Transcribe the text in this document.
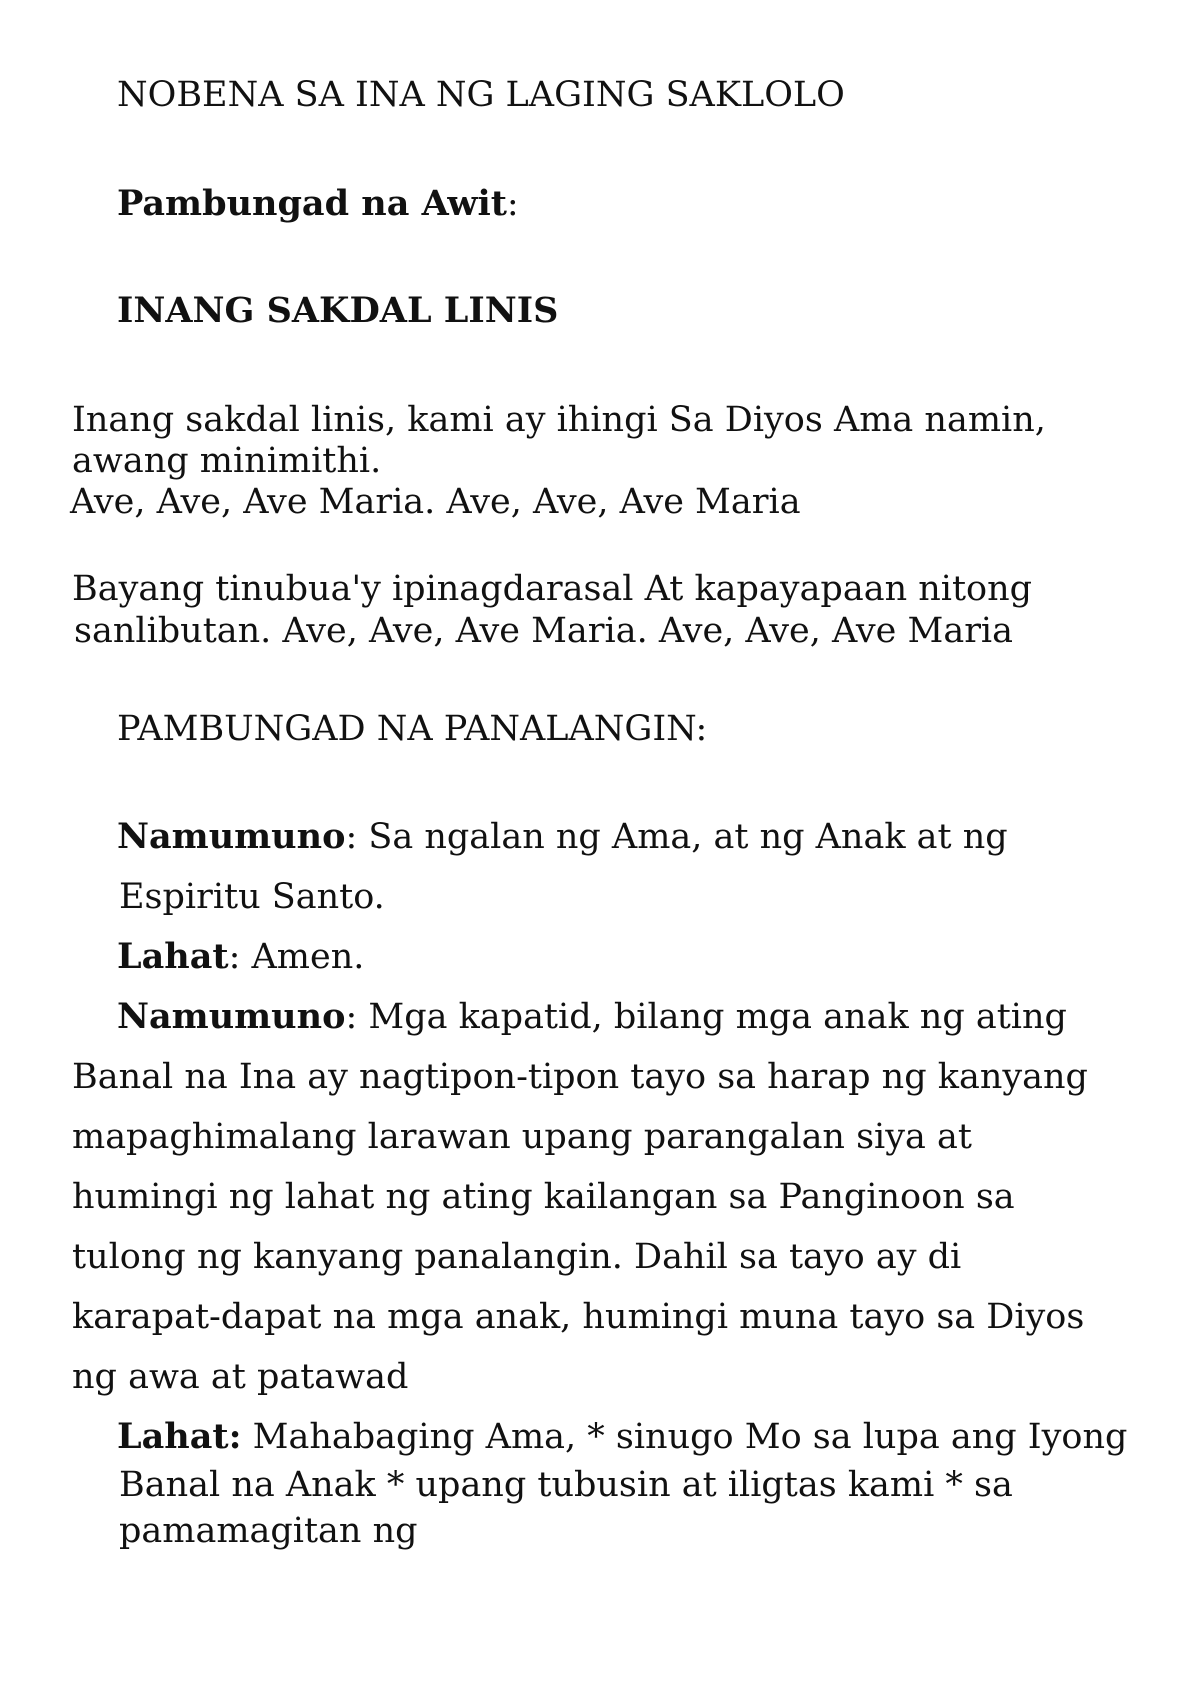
NOBENA SA INA NG LAGING SAKLOLO
Pambungad na Awit:
INANG SAKDAL LINIS
Inang sakdal linis, kami ay ihingi Sa Diyos Ama namin,
awang minimithi.
Ave, Ave, Ave Maria. Ave, Ave, Ave Maria
Bayang tinubua'y ipinagdarasal At kapayapaan nitong
sanlibutan. Ave, Ave, Ave Maria. Ave, Ave, Ave Maria
PAMBUNGAD NA PANALANGIN:
Namumuno: Sa ngalan ng Ama, at ng Anak at ng
Espiritu Santo.
Lahat: Amen.
Namumuno: Mga kapatid, bilang mga anak ng ating
Banal na Ina ay nagtipon-tipon tayo sa harap ng kanyang
mapaghimalang larawan upang parangalan siya at
humingi ng lahat ng ating kailangan sa Panginoon sa
tulong ng kanyang panalangin. Dahil sa tayo ay di
karapat-dapat na mga anak, humingi muna tayo sa Diyos
ng awa at patawad
Lahat: Mahabaging Ama, * sinugo Mo sa lupa ang Iyong
Banal na Anak * upang tubusin at iligtas kami * sa
pamamagitan ng
